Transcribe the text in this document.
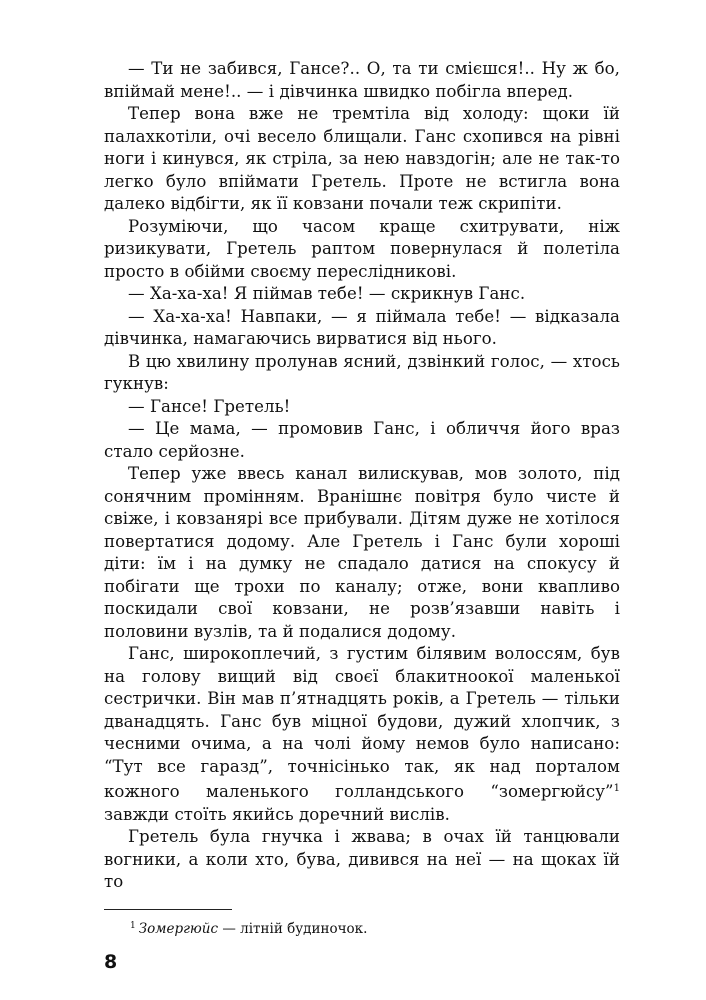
— Ти не забився, Гансе?.. О, та ти смієшся!.. Ну ж бо, впіймай мене!.. — і дівчинка швидко побігла вперед.

Тепер вона вже не тремтіла від холоду: щоки їй палахкотіли, очі весело блищали. Ганс схопився на рівні ноги і кинувся, як стріла, за нею навздогін; але не так-то легко було впіймати Гретель. Проте не встигла вона далеко відбігти, як її ковзани почали теж скрипіти.

Розуміючи, що часом краще схитрувати, ніж ризикувати, Гретель раптом повернулася й полетіла просто в обійми своєму переслідникові.

— Ха-ха-ха! Я піймав тебе! — скрикнув Ганс.

— Ха-ха-ха! Навпаки, — я піймала тебе! — відказала дівчинка, намагаючись вирватися від нього.

В цю хвилину пролунав ясний, дзвінкий голос, — хтось гукнув:

— Гансе! Гретель!

— Це мама, — промовив Ганс, і обличчя його враз стало серйозне.

Тепер уже ввесь канал вилискував, мов золото, під сонячним промінням. Вранішнє повітря було чисте й свіже, і ковзанярі все прибували. Дітям дуже не хотілося повертатися додому. Але Гретель і Ганс були хороші діти: їм і на думку не спадало датися на спокусу й побігати ще трохи по каналу; отже, вони квапливо поскидали свої ковзани, не розв’язавши навіть і половини вузлів, та й подалися додому.

Ганс, широкоплечий, з густим білявим волоссям, був на голову вищий від своєї блакитноокої маленької сестрички. Він мав п’ятнадцять років, а Гретель — тільки дванадцять. Ганс був міцної будови, дужий хлопчик, з чесними очима, а на чолі йому немов було написано: “Тут все гаразд”, точнісінько так, як над порталом кожного маленького голландського “зомергюйсу”$^1$ завжди стоїть якийсь доречний вислів.

Гретель була гнучка і жвава; в очах їй танцювали вогники, а коли хто, бува, дивився на неї — на щоках їй то

$^1$ Зомергюйс — літній будиночок.
8
